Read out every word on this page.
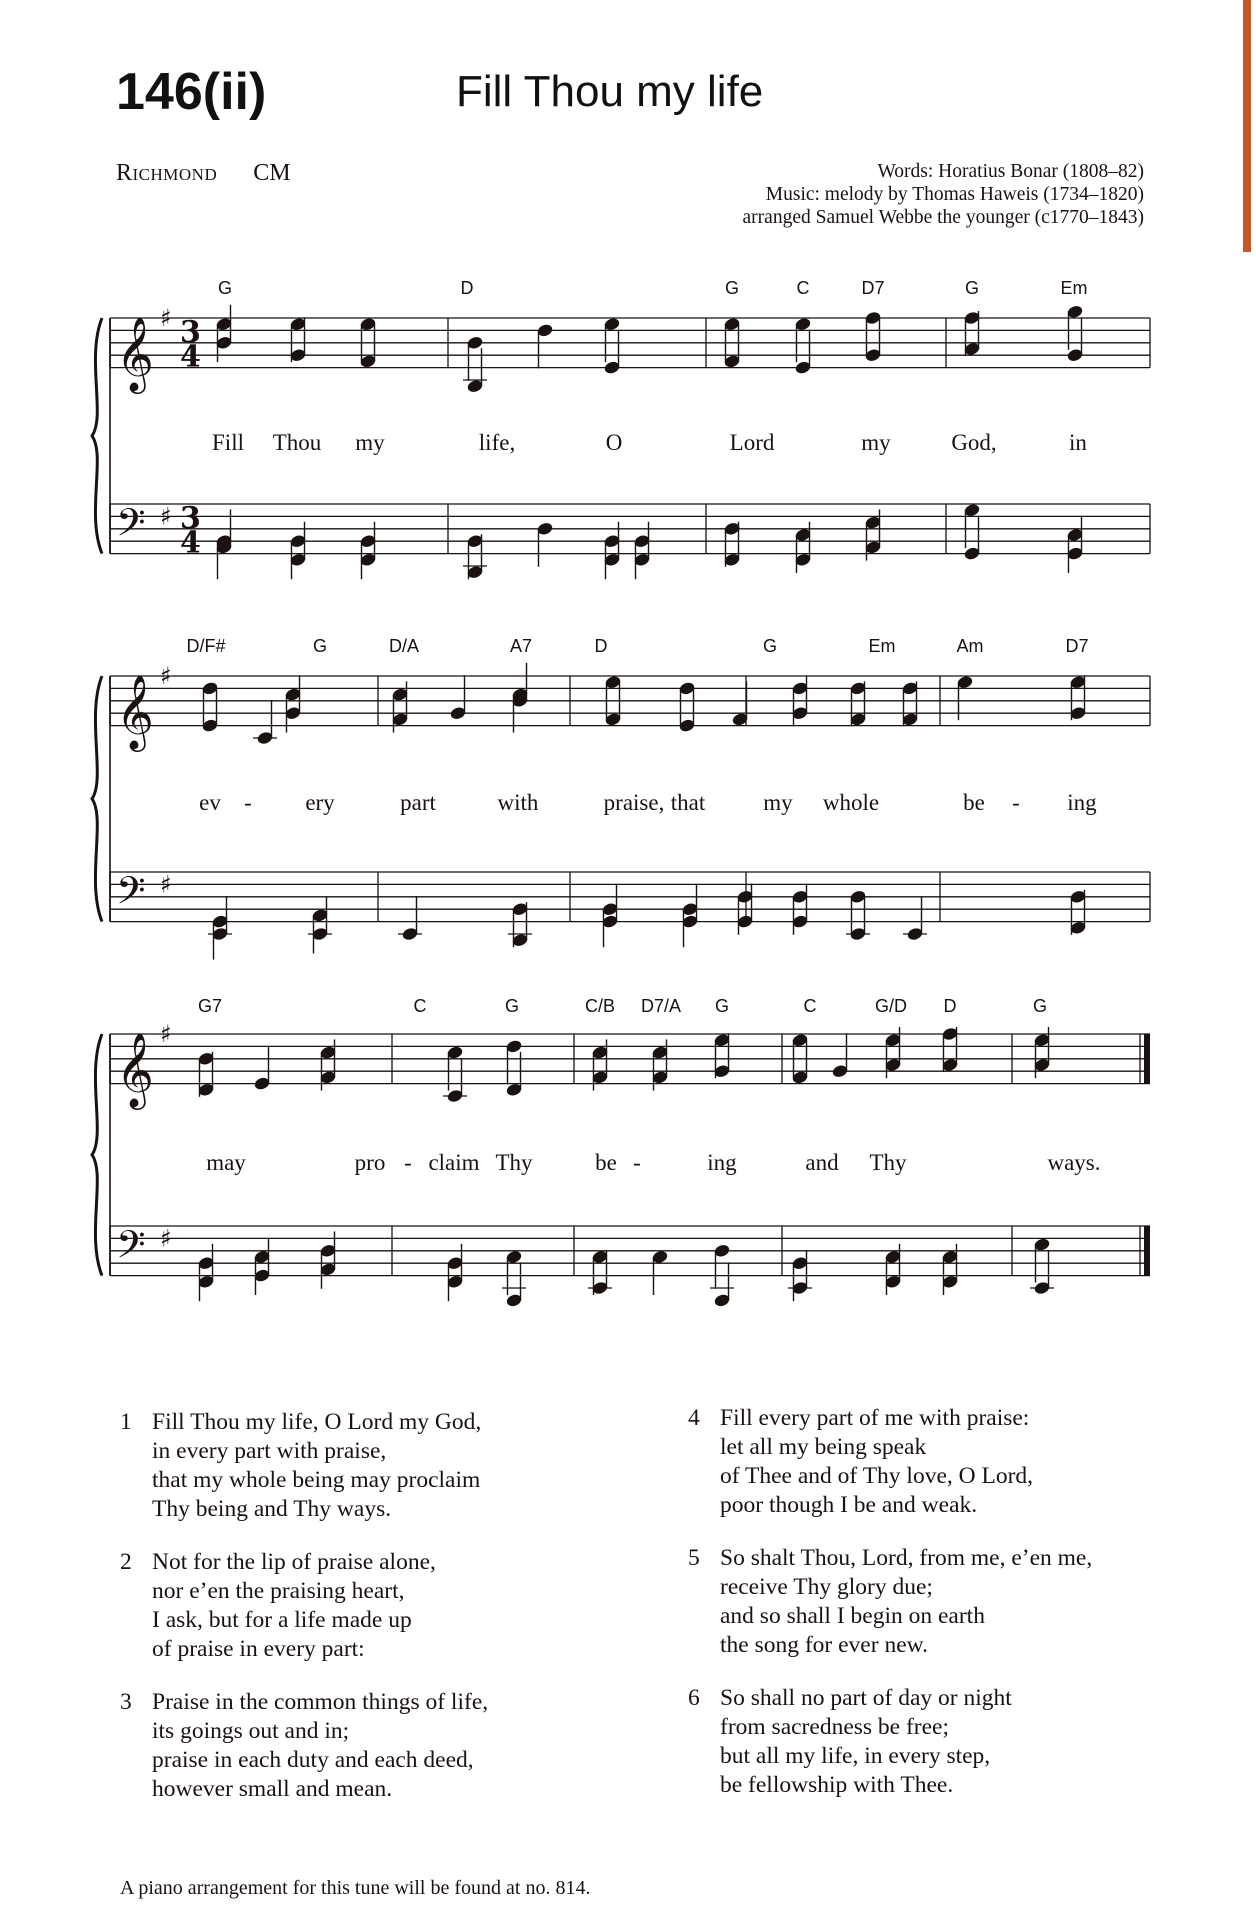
146(ii)	Fill Thou my life
Richmond CM	Words: Horatius Bonar (1808–82)
Music: melody by Thomas Haweis (1734–1820)
arranged Samuel Webbe the younger (c1770–1843)
𝄞 ♯ 3
4
𝄢 ♯ 3
4
G	D	G	C	D7	G	Em
Fill Thou my	life,	O	Lord	my	God,	in
𝄞 ♯
𝄢 ♯
D/F#	G	D/A	A7	D	G	Em	Am	D7
ev - ery	part	with	praise, that	my whole	be - ing
𝄞 ♯
𝄢 ♯
G7	C	G	C/B D7/A G	C	G/D D	G
may	pro - claim Thy	be -	ing	and Thy	ways.
1 Fill Thou my life, O Lord my God,
in every part with praise,
that my whole being may proclaim
Thy being and Thy ways.
2 Not for the lip of praise alone,
nor e’en the praising heart,
I ask, but for a life made up
of praise in every part:
3 Praise in the common things of life,
its goings out and in;
praise in each duty and each deed,
however small and mean.
4 Fill every part of me with praise:
let all my being speak
of Thee and of Thy love, O Lord,
poor though I be and weak.
5 So shalt Thou, Lord, from me, e’en me,
receive Thy glory due;
and so shall I begin on earth
the song for ever new.
6 So shall no part of day or night
from sacredness be free;
but all my life, in every step,
be fellowship with Thee.
A piano arrangement for this tune will be found at no. 814.
